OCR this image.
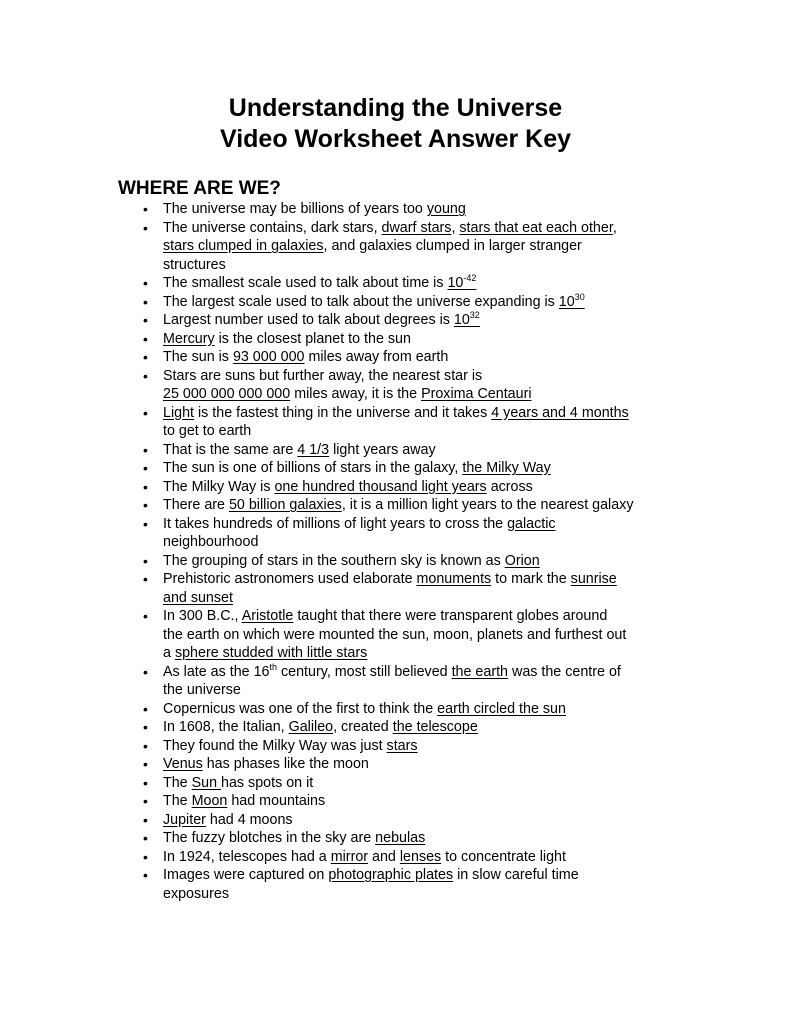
Understanding the Universe
Video Worksheet Answer Key
WHERE ARE WE?
• The universe may be billions of years too young
• The universe contains, dark stars, dwarf stars, stars that eat each other,
stars clumped in galaxies, and galaxies clumped in larger stranger
structures
• The smallest scale used to talk about time is $10^{-42}$
• The largest scale used to talk about the universe expanding is $10^{30}$
• Largest number used to talk about degrees is $10^{32}$
• Mercury is the closest planet to the sun
• The sun is 93 000 000 miles away from earth
• Stars are suns but further away, the nearest star is
25 000 000 000 000 miles away, it is the Proxima Centauri
• Light is the fastest thing in the universe and it takes 4 years and 4 months
to get to earth
• That is the same are 4 1/3 light years away
• The sun is one of billions of stars in the galaxy, the Milky Way
• The Milky Way is one hundred thousand light years across
• There are 50 billion galaxies, it is a million light years to the nearest galaxy
• It takes hundreds of millions of light years to cross the galactic
neighbourhood
• The grouping of stars in the southern sky is known as Orion
• Prehistoric astronomers used elaborate monuments to mark the sunrise
and sunset
• In 300 B.C., Aristotle taught that there were transparent globes around
the earth on which were mounted the sun, moon, planets and furthest out
a sphere studded with little stars
• As late as the 16th century, most still believed the earth was the centre of
the universe
• Copernicus was one of the first to think the earth circled the sun
• In 1608, the Italian, Galileo, created the telescope
• They found the Milky Way was just stars
• Venus has phases like the moon
• The Sun has spots on it
• The Moon had mountains
• Jupiter had 4 moons
• The fuzzy blotches in the sky are nebulas
• In 1924, telescopes had a mirror and lenses to concentrate light
• Images were captured on photographic plates in slow careful time
exposures
